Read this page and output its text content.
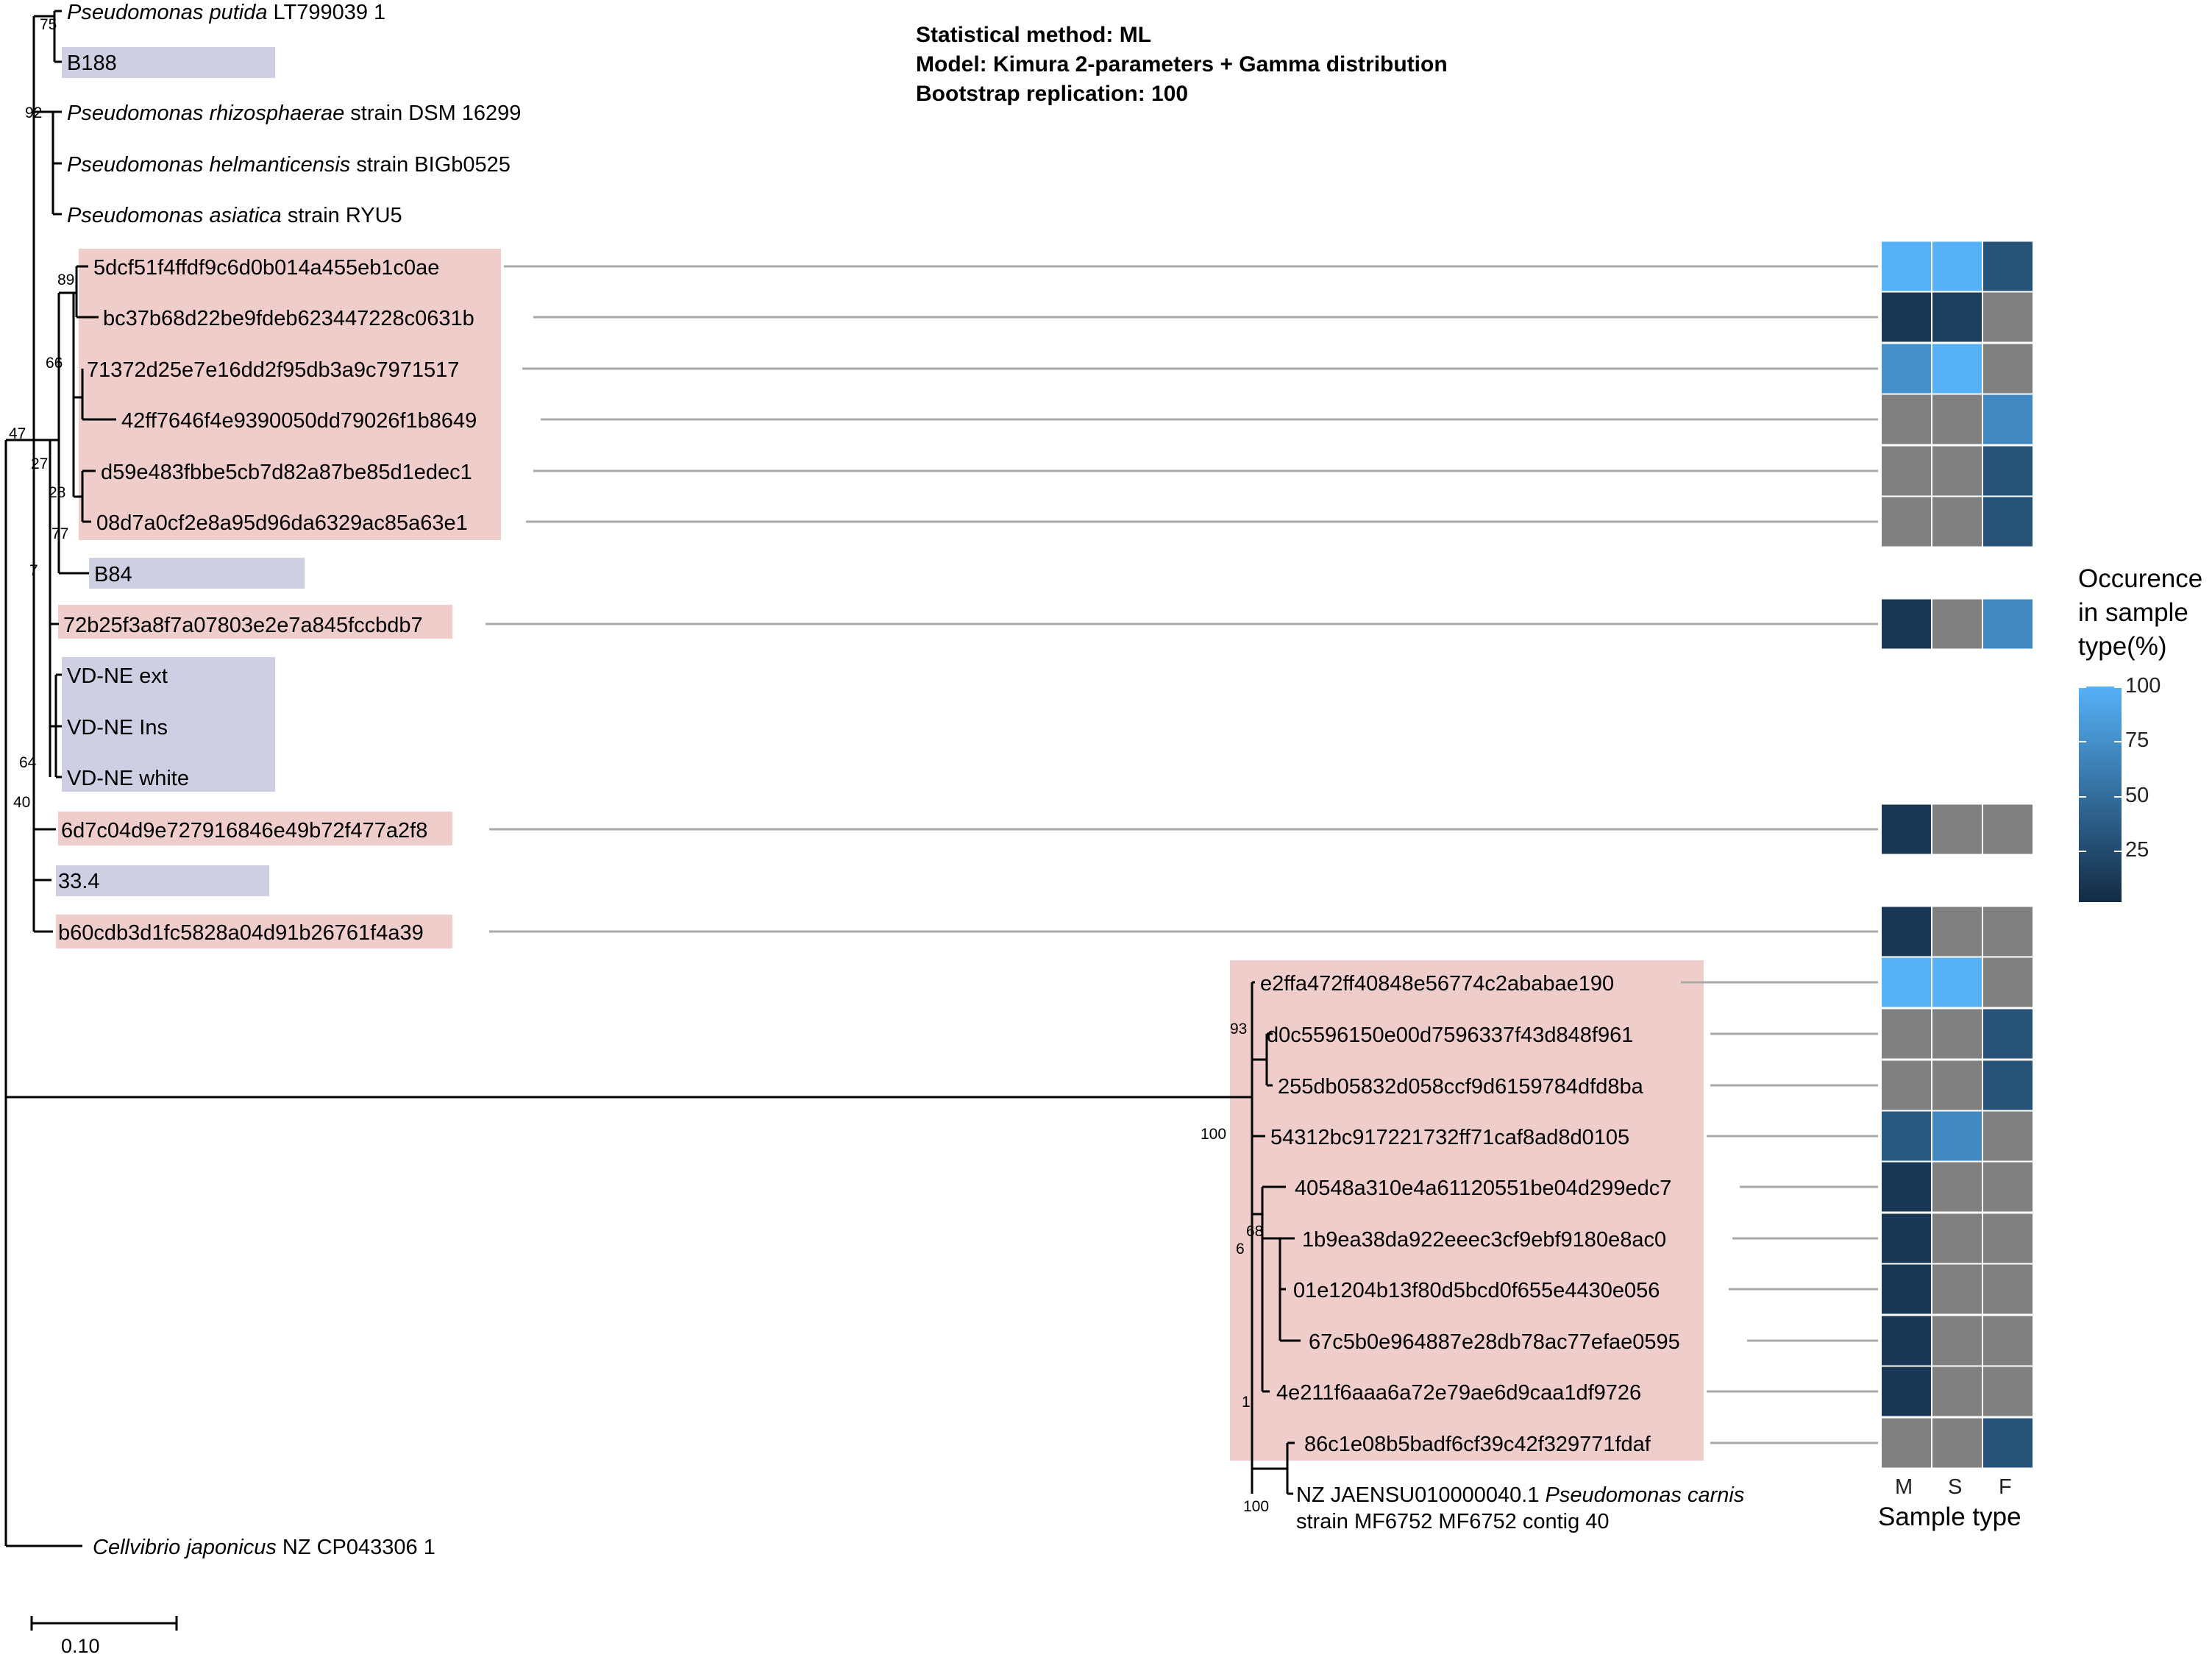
Pseudomonas putida LT799039 1
B188
Pseudomonas rhizosphaerae strain DSM 16299
Pseudomonas helmanticensis strain BIGb0525
Pseudomonas asiatica strain RYU5
5dcf51f4ffdf9c6d0b014a455eb1c0ae
bc37b68d22be9fdeb623447228c0631b
71372d25e7e16dd2f95db3a9c7971517
42ff7646f4e9390050dd79026f1b8649
d59e483fbbe5cb7d82a87be85d1edec1
08d7a0cf2e8a95d96da6329ac85a63e1
B84
72b25f3a8f7a07803e2e7a845fccbdb7
VD-NE ext
VD-NE Ins
VD-NE white
6d7c04d9e727916846e49b72f477a2f8
33.4
b60cdb3d1fc5828a04d91b26761f4a39
e2ffa472ff40848e56774c2ababae190
d0c5596150e00d7596337f43d848f961
255db05832d058ccf9d6159784dfd8ba
54312bc917221732ff71caf8ad8d0105
40548a310e4a61120551be04d299edc7
1b9ea38da922eeec3cf9ebf9180e8ac0
01e1204b13f80d5bcd0f655e4430e056
67c5b0e964887e28db78ac77efae0595
4e211f6aaa6a72e79ae6d9caa1df9726
86c1e08b5badf6cf39c42f329771fdaf
NZ JAENSU010000040.1 Pseudomonas carnis
strain MF6752 MF6752 contig 40
Cellvibrio japonicus NZ CP043306 1
75
92
89
66
47
27
28
77
7
64
40
93
100
68
6
1
100
Statistical method: ML
Model: Kimura 2-parameters + Gamma distribution
Bootstrap replication: 100
Occurence
in sample
type(%)
100
75
50
25
M S F
Sample type
0.10
